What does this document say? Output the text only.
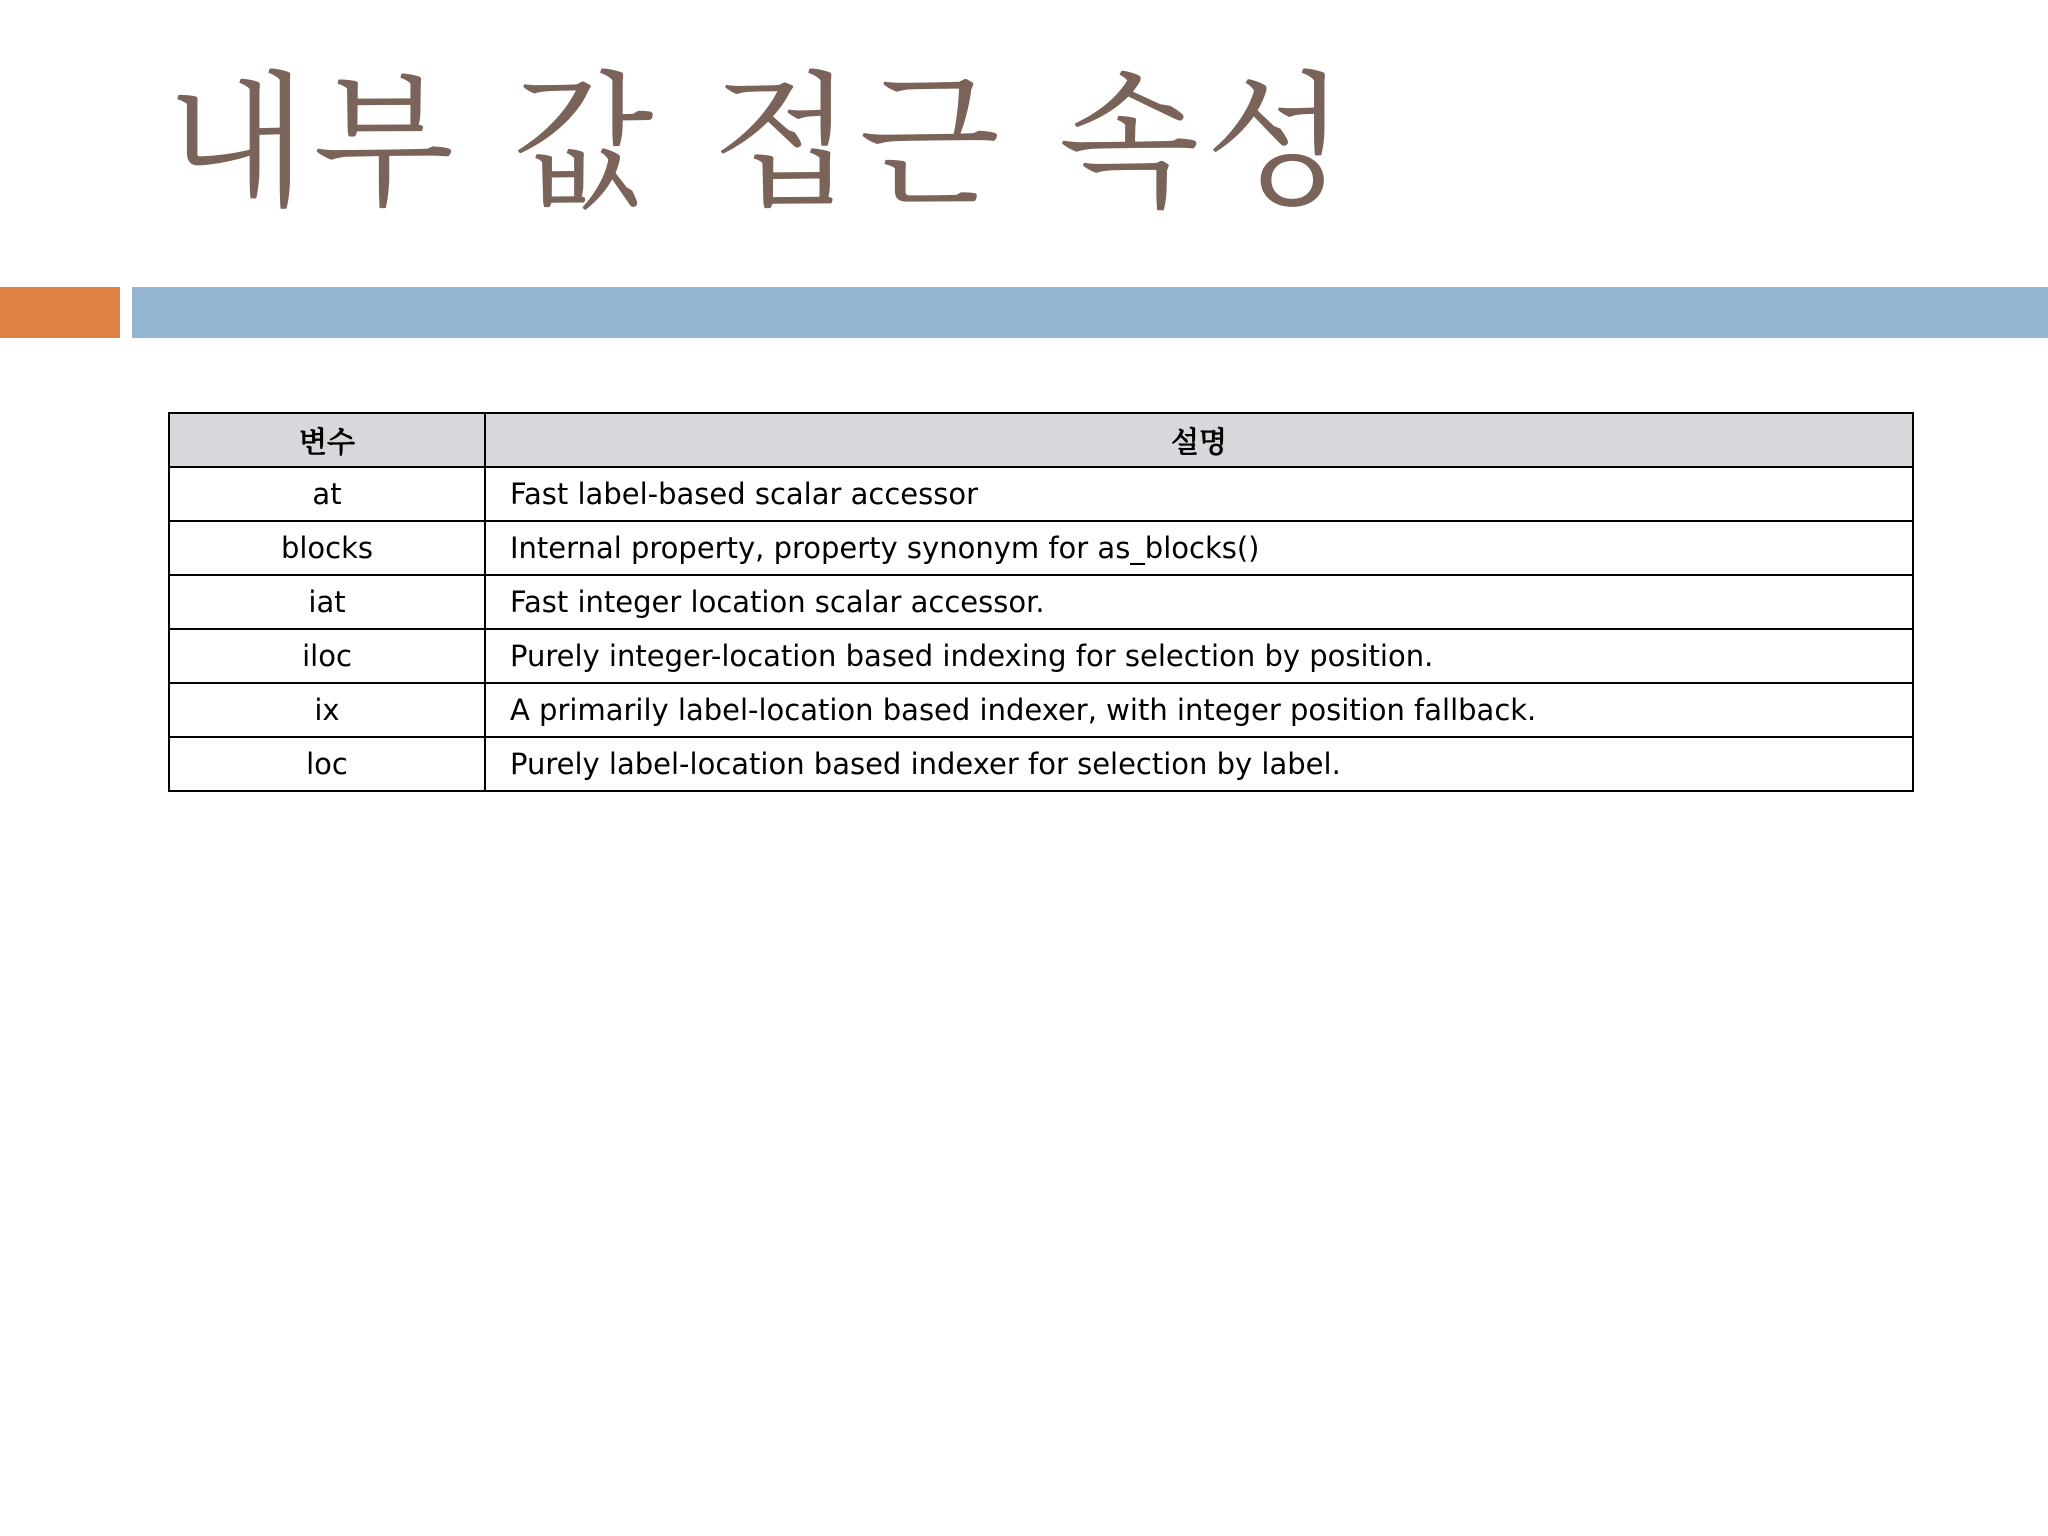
내부 값 접근 속성
변수	설명
at	Fast label-based scalar accessor
blocks	Internal property, property synonym for as_blocks()
iat	Fast integer location scalar accessor.
iloc	Purely integer-location based indexing for selection by position.
ix	A primarily label-location based indexer, with integer position fallback.
loc	Purely label-location based indexer for selection by label.
